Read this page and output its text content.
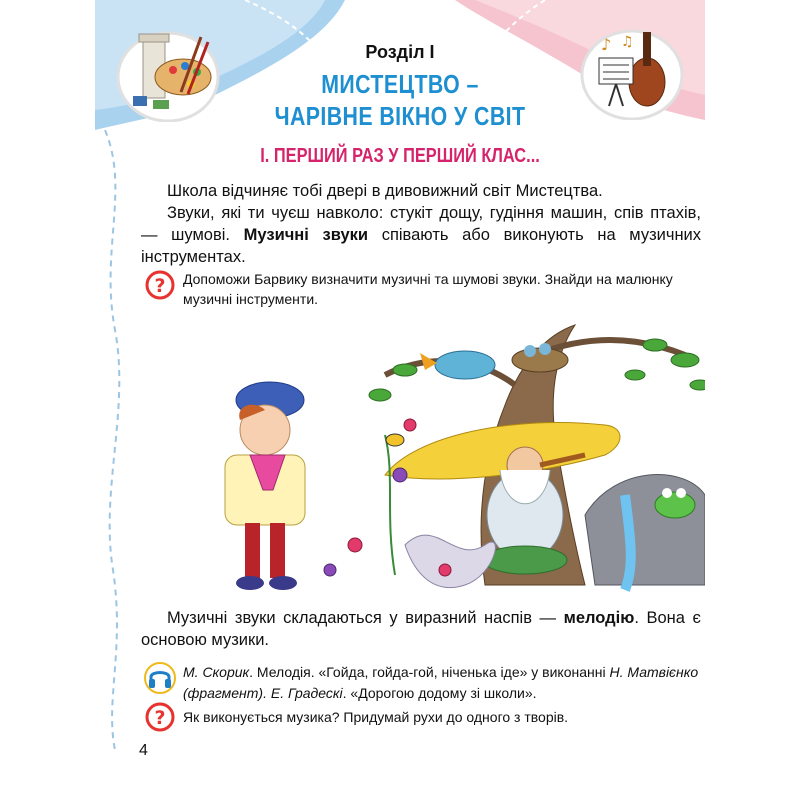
♪ ♫
Розділ І
МИСТЕЦТВО –
ЧАРІВНЕ ВІКНО У СВІТ
І. ПЕРШИЙ РАЗ У ПЕРШИЙ КЛАС...
Школа відчиняє тобі двері в дивовижний світ Мистецтва.
Звуки, які ти чуєш навколо: стукіт дощу, гудіння машин, спів птахів, — шумові. Музичні звуки співають або виконують на музичних інструментах.
? Допоможи Барвику визначити музичні та шумові звуки. Знайди на малюнку музичні інструменти.
Музичні звуки складаються у виразний наспів — мелодію. Вона є основою музики.
М. Скорик. Мелодія. «Гойда, гойда-гой, ніченька іде» у виконанні Н. Матвієнко (фрагмент). Е. Градескі. «Дорогою додому зі школи».
? Як виконується музика? Придумай рухи до одного з творів.
4
